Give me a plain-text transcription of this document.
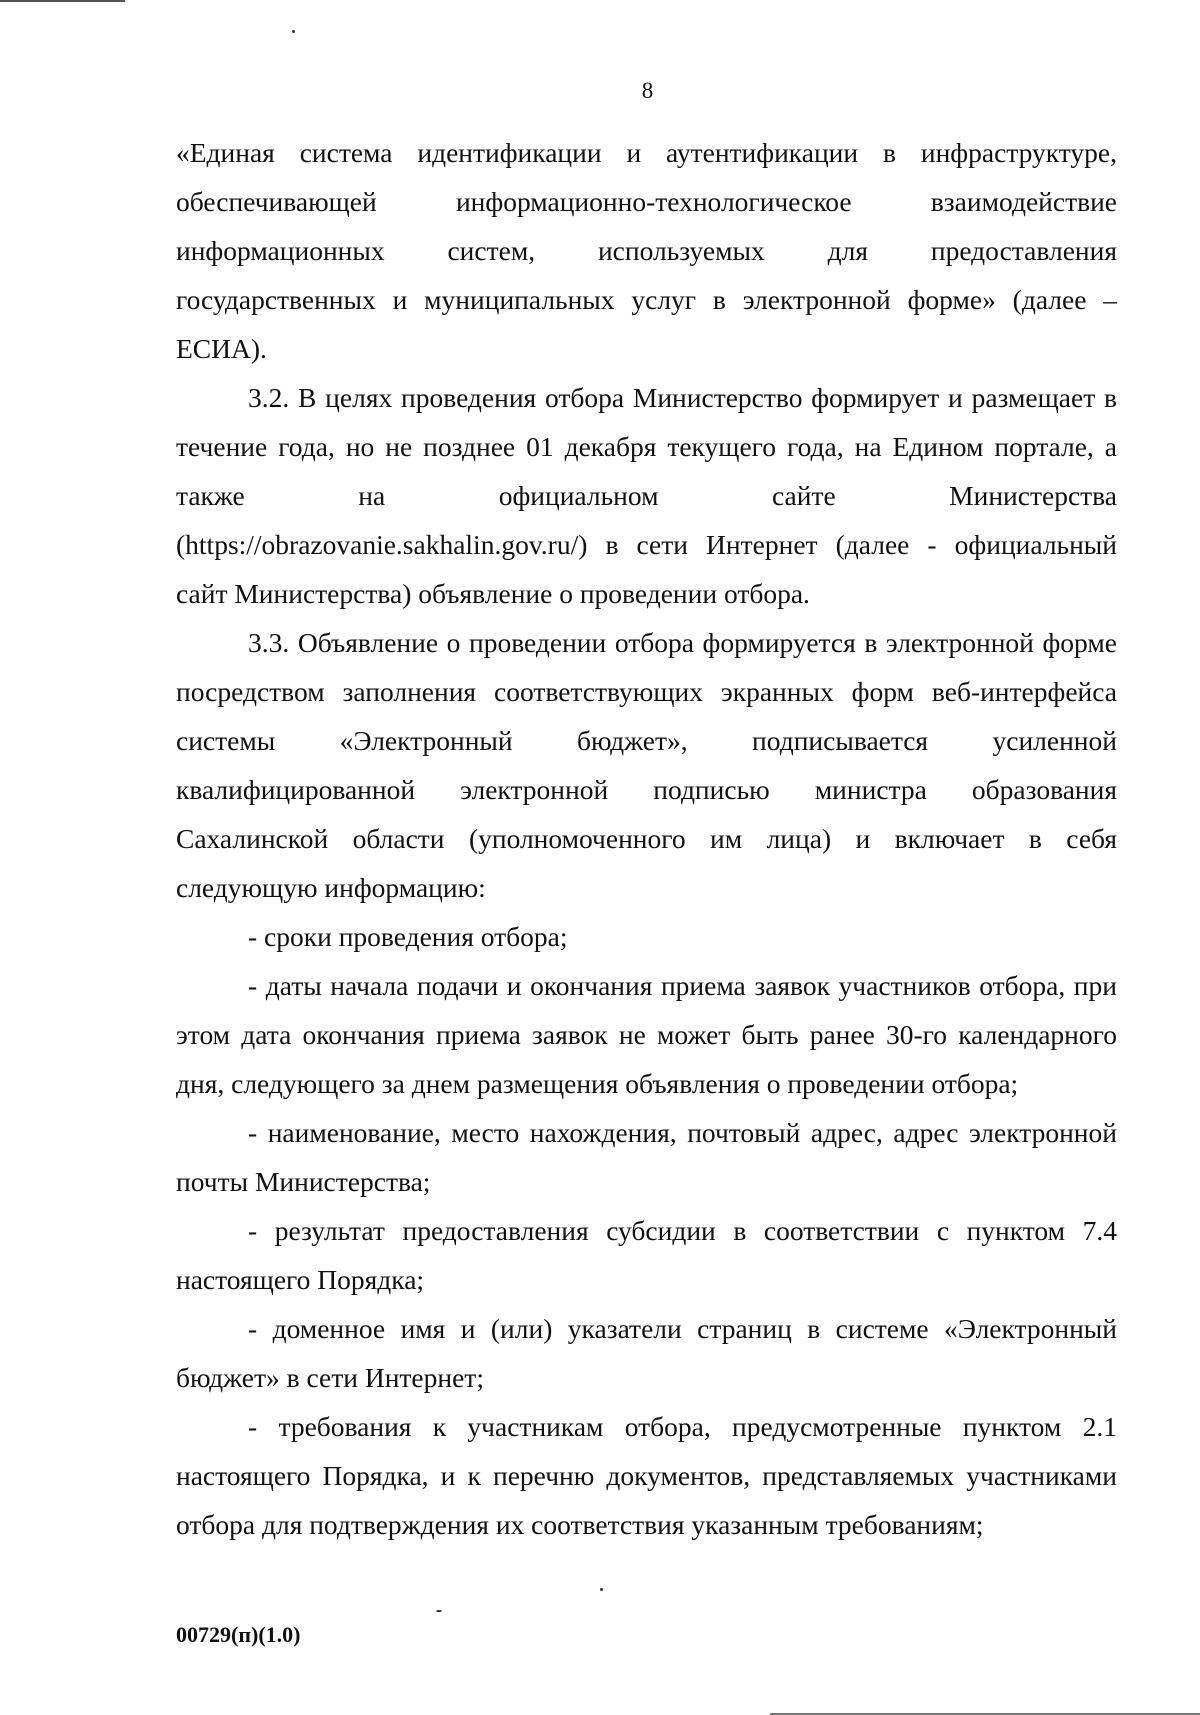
8
«Единая система идентификации и аутентификации в инфраструктуре,
обеспечивающей информационно-технологическое взаимодействие
информационных систем, используемых для предоставления
государственных и муниципальных услуг в электронной форме» (далее –
ЕСИА).
3.2. В целях проведения отбора Министерство формирует и размещает в
течение года, но не позднее 01 декабря текущего года, на Едином портале, а
также на официальном сайте Министерства
(https://obrazovanie.sakhalin.gov.ru/) в сети Интернет (далее - официальный
сайт Министерства) объявление о проведении отбора.

3.3. Объявление о проведении отбора формируется в электронной форме посредством заполнения соответствующих экранных форм веб-интерфейса системы «Электронный бюджет», подписывается усиленной квалифицированной электронной подписью министра образования Сахалинской области (уполномоченного им лица) и включает в себя следующую информацию:

- сроки проведения отбора;

- даты начала подачи и окончания приема заявок участников отбора, при этом дата окончания приема заявок не может быть ранее 30-го календарного дня, следующего за днем размещения объявления о проведении отбора;

- наименование, место нахождения, почтовый адрес, адрес электронной почты Министерства;

- результат предоставления субсидии в соответствии с пунктом 7.4 настоящего Порядка;

- доменное имя и (или) указатели страниц в системе «Электронный бюджет» в сети Интернет;

- требования к участникам отбора, предусмотренные пунктом 2.1 настоящего Порядка, и к перечню документов, представляемых участниками отбора для подтверждения их соответствия указанным требованиям;

00729(п)(1.0)
